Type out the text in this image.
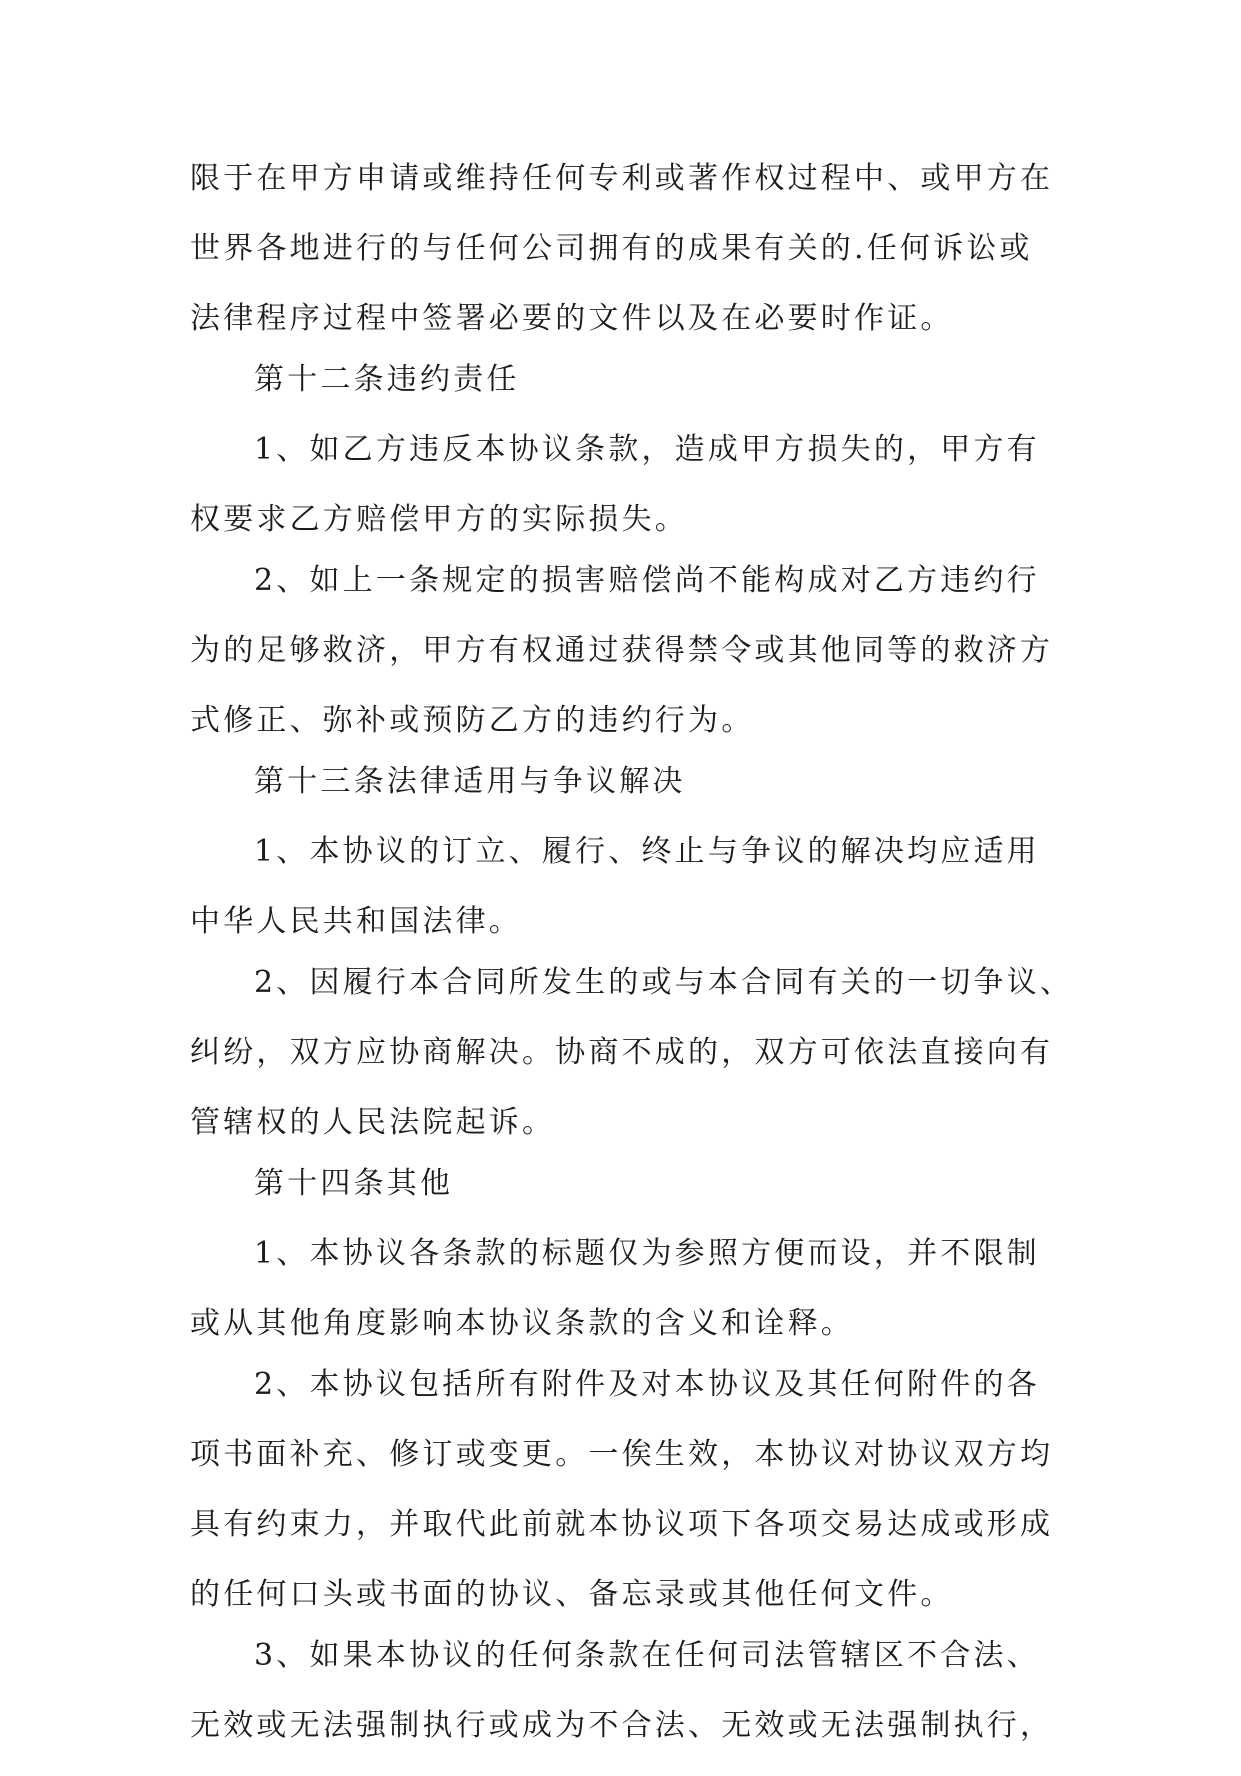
限于在甲方申请或维持任何专利或著作权过程中、或甲方在
世界各地进行的与任何公司拥有的成果有关的.任何诉讼或
法律程序过程中签署必要的文件以及在必要时作证。
第十二条违约责任
1、如乙方违反本协议条款，造成甲方损失的，甲方有
权要求乙方赔偿甲方的实际损失。
2、如上一条规定的损害赔偿尚不能构成对乙方违约行
为的足够救济，甲方有权通过获得禁令或其他同等的救济方
式修正、弥补或预防乙方的违约行为。
第十三条法律适用与争议解决
1、本协议的订立、履行、终止与争议的解决均应适用
中华人民共和国法律。
2、因履行本合同所发生的或与本合同有关的一切争议、
纠纷，双方应协商解决。协商不成的，双方可依法直接向有
管辖权的人民法院起诉。
第十四条其他
1、本协议各条款的标题仅为参照方便而设，并不限制
或从其他角度影响本协议条款的含义和诠释。
2、本协议包括所有附件及对本协议及其任何附件的各
项书面补充、修订或变更。一俟生效，本协议对协议双方均
具有约束力，并取代此前就本协议项下各项交易达成或形成
的任何口头或书面的协议、备忘录或其他任何文件。
3、如果本协议的任何条款在任何司法管辖区不合法、
无效或无法强制执行或成为不合法、无效或无法强制执行，
